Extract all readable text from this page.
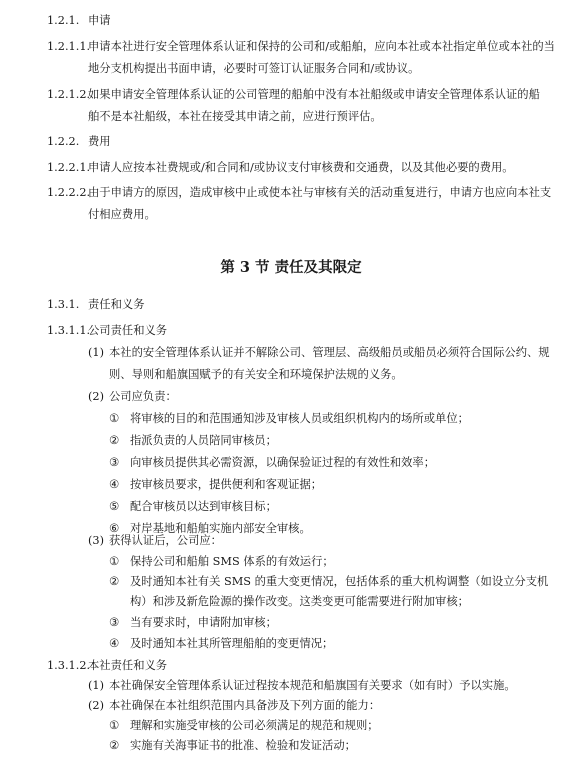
1.2.1. 申请
1.2.1.1.
申请本社进行安全管理体系认证和保持的公司和/或船舶，应向本社或本社指定单位或本社的当
地分支机构提出书面申请，必要时可签订认证服务合同和/或协议。
1.2.1.2.
如果申请安全管理体系认证的公司管理的船舶中没有本社船级或申请安全管理体系认证的船
舶不是本社船级，本社在接受其申请之前，应进行预评估。
1.2.2. 费用
1.2.2.1.
申请人应按本社费规或/和合同和/或协议支付审核费和交通费，以及其他必要的费用。
1.2.2.2.
由于申请方的原因，造成审核中止或使本社与审核有关的活动重复进行，申请方也应向本社支
付相应费用。
第 3 节 责任及其限定
1.3.1. 责任和义务
1.3.1.1.
公司责任和义务
(1) 本社的安全管理体系认证并不解除公司、管理层、高级船员或船员必须符合国际公约、规
则、导则和船旗国赋予的有关安全和环境保护法规的义务。
(2) 公司应负责：
① 将审核的目的和范围通知涉及审核人员或组织机构内的场所或单位；
② 指派负责的人员陪同审核员；
③ 向审核员提供其必需资源，以确保验证过程的有效性和效率；
④ 按审核员要求，提供便利和客观证据；
⑤ 配合审核员以达到审核目标；
⑥ 对岸基地和船舶实施内部安全审核。
(3) 获得认证后，公司应：
① 保持公司和船舶 SMS 体系的有效运行；
② 及时通知本社有关 SMS 的重大变更情况，包括体系的重大机构调整（如设立分支机
构）和涉及新危险源的操作改变。这类变更可能需要进行附加审核；
③ 当有要求时，申请附加审核；
④ 及时通知本社其所管理船舶的变更情况；
1.3.1.2.
本社责任和义务
(1) 本社确保安全管理体系认证过程按本规范和船旗国有关要求（如有时）予以实施。
(2) 本社确保在本社组织范围内具备涉及下列方面的能力：
① 理解和实施受审核的公司必须满足的规范和规则；
② 实施有关海事证书的批准、检验和发证活动；
